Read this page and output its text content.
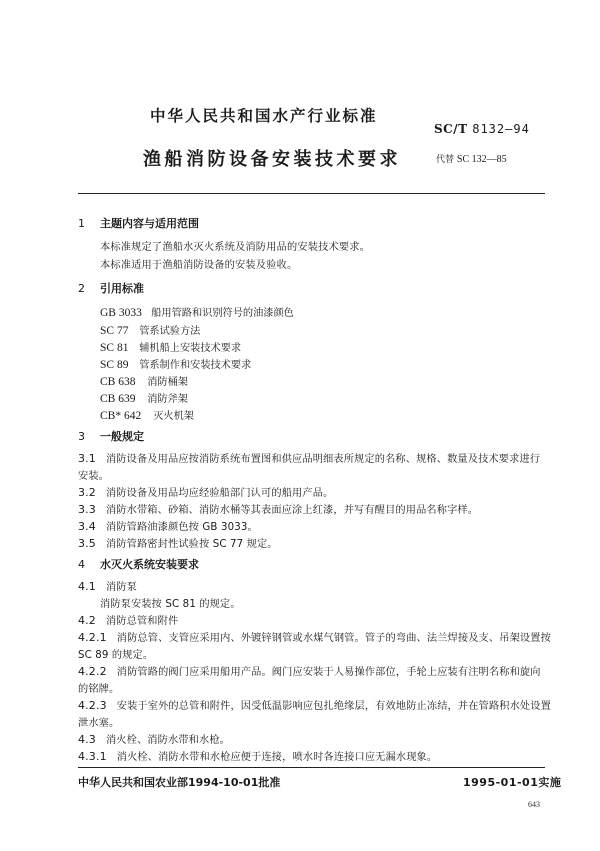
中华人民共和国水产行业标准
SC/T 8132—94
渔船消防设备安装技术要求	代替 SC 132—85
1 主题内容与适用范围
本标准规定了渔船水灭火系统及消防用品的安装技术要求。
本标准适用于渔船消防设备的安装及验收。
2 引用标准
GB 3033 船用管路和识别符号的油漆颜色
SC 77 管系试验方法
SC 81 辅机船上安装技术要求
SC 89 管系制作和安装技术要求
CB 638 消防桶架
CB 639 消防斧架
CB* 642 灭火机架
3 一般规定
3.1 消防设备及用品应按消防系统布置图和供应品明细表所规定的名称、规格、数量及技术要求进行
安装。
3.2 消防设备及用品均应经验船部门认可的船用产品。
3.3 消防水带箱、砂箱、消防水桶等其表面应涂上红漆，并写有醒目的用品名称字样。
3.4 消防管路油漆颜色按 GB 3033。
3.5 消防管路密封性试验按 SC 77 规定。
4 水灭火系统安装要求
4.1 消防泵
消防泵安装按 SC 81 的规定。
4.2 消防总管和附件
4.2.1 消防总管、支管应采用内、外镀锌钢管或水煤气钢管。管子的弯曲、法兰焊接及支、吊架设置按
SC 89 的规定。
4.2.2 消防管路的阀门应采用船用产品。阀门应安装于人易操作部位，手轮上应装有注明名称和旋向
的铭牌。
4.2.3 安装于室外的总管和附件，因受低温影响应包扎绝缘层，有效地防止冻结，并在管路积水处设置
泄水塞。
4.3 消火栓、消防水带和水枪。
4.3.1 消火栓、消防水带和水枪应便于连接，喷水时各连接口应无漏水现象。
中华人民共和国农业部1994-10-01批准	1995-01-01实施
643
